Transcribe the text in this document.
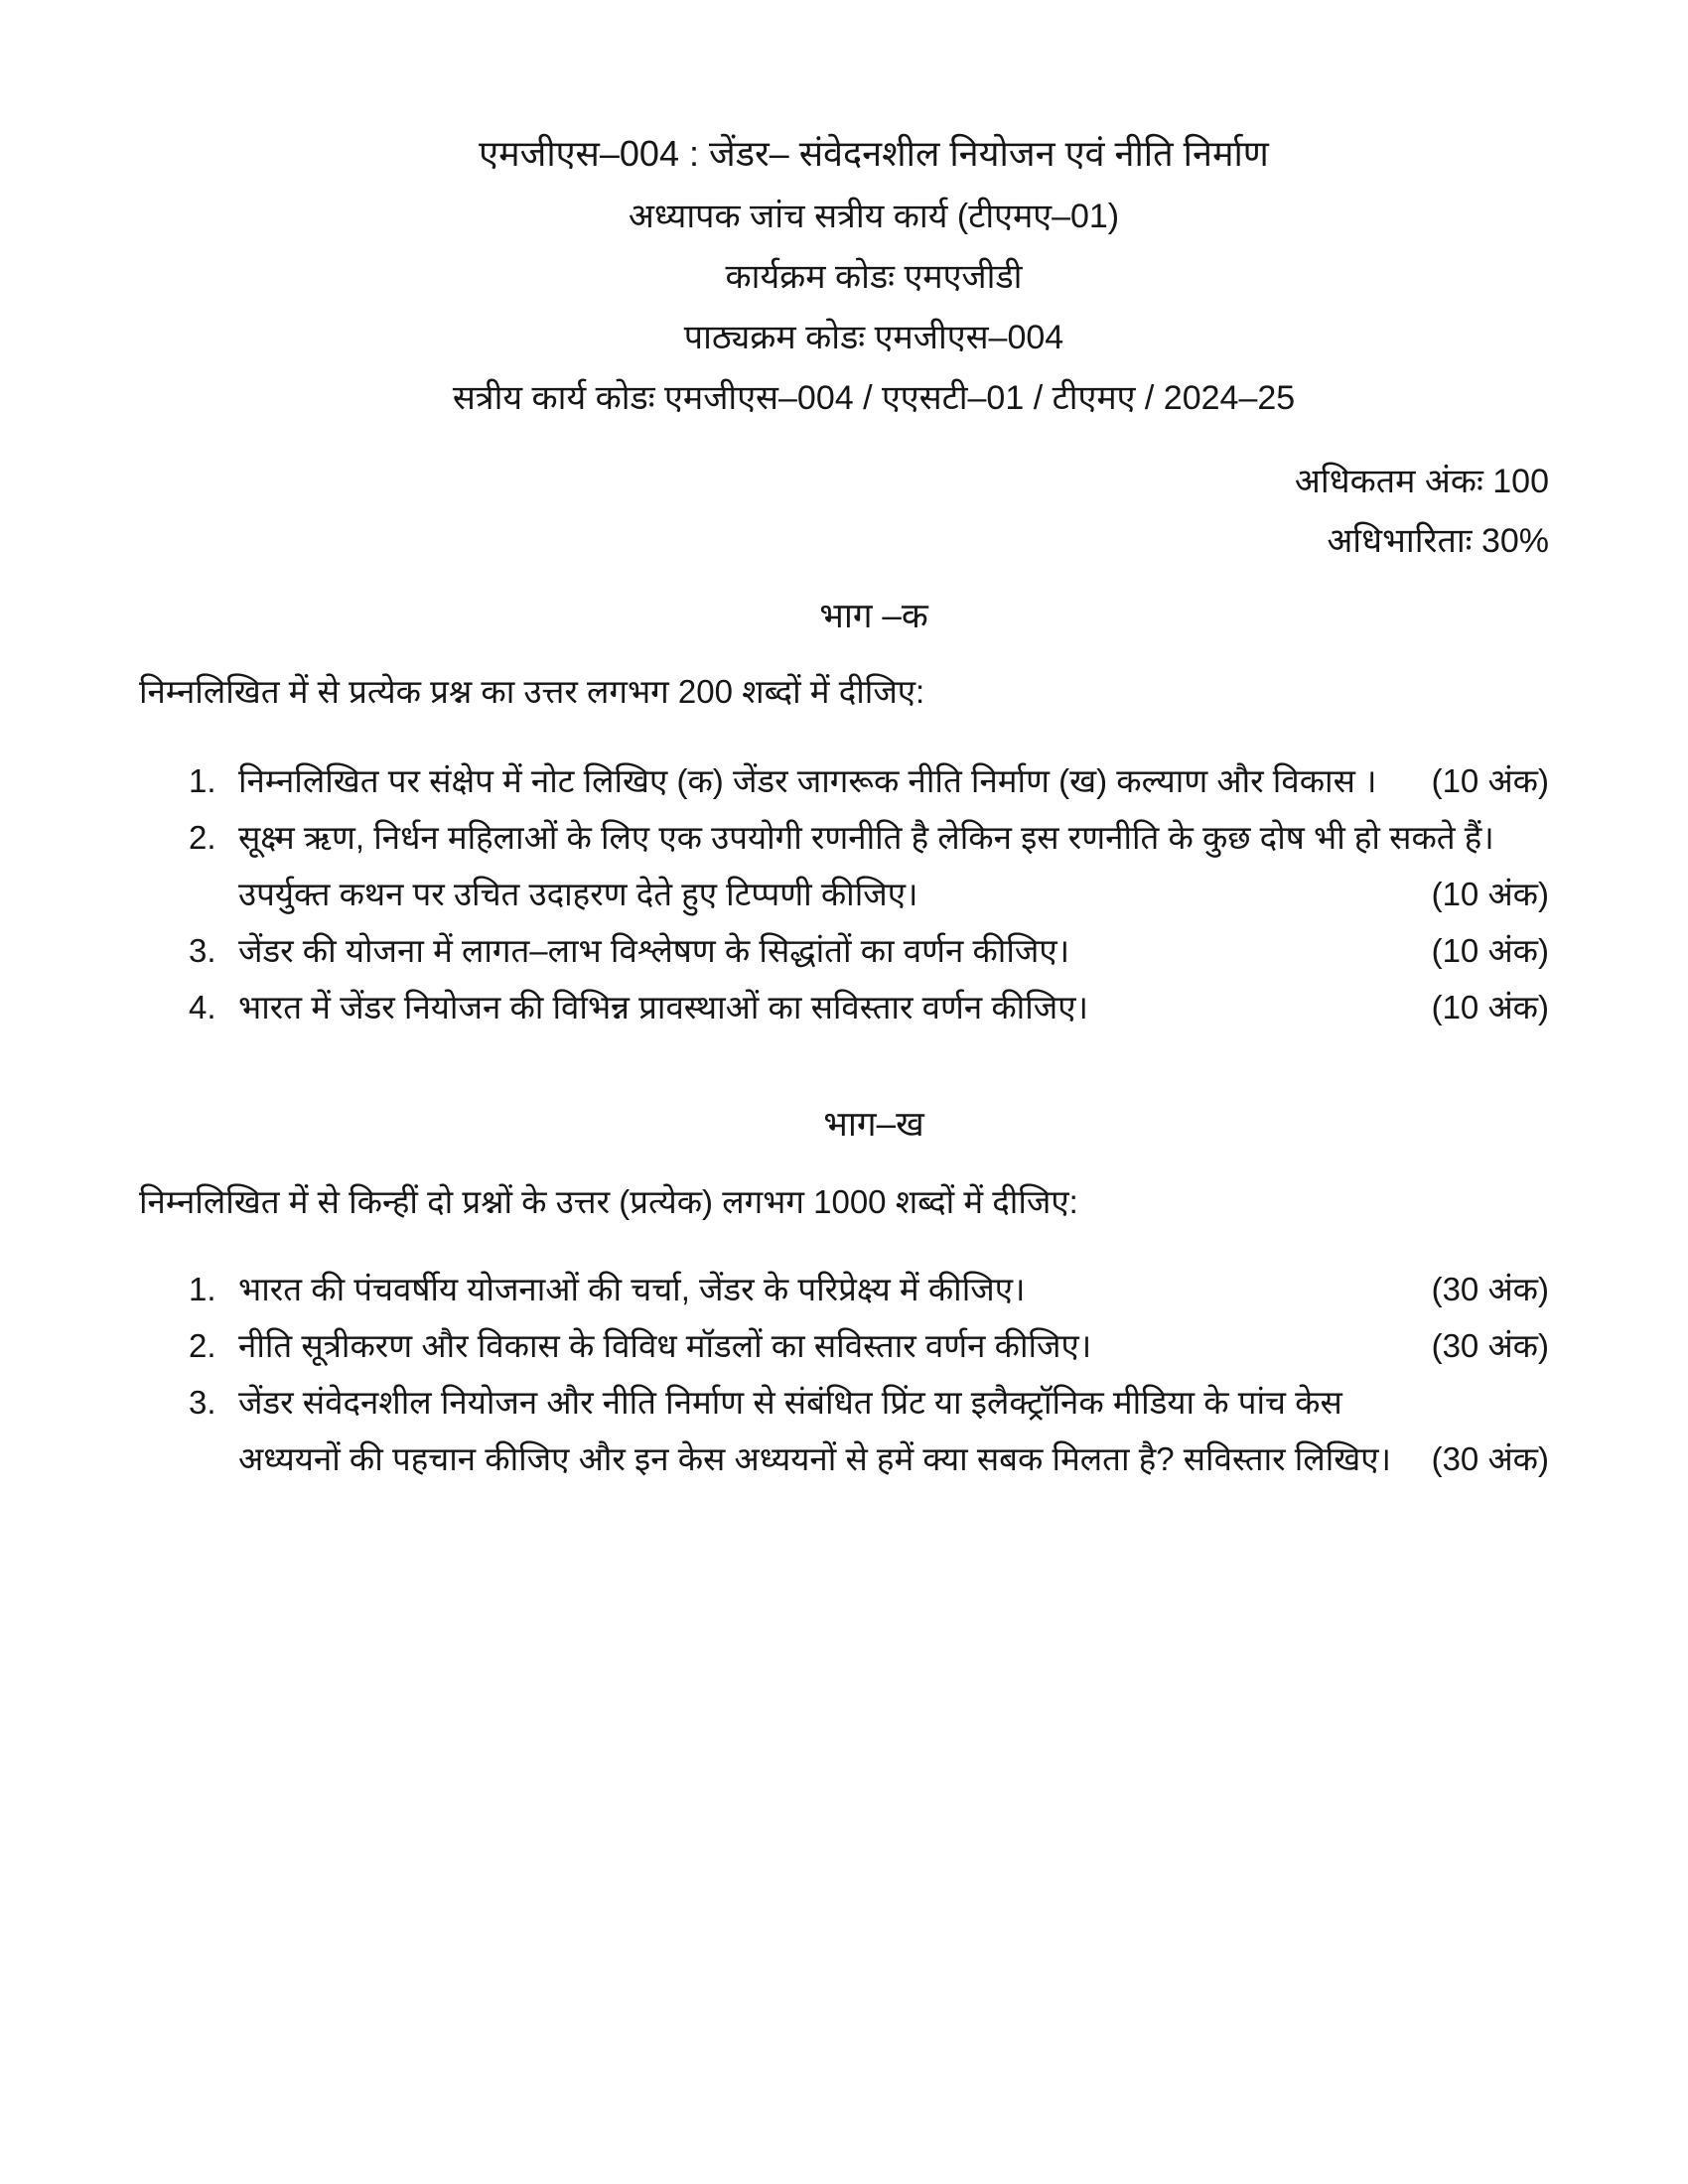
एमजीएस–004 : जेंडर– संवेदनशील नियोजन एवं नीति निर्माण
अध्यापक जांच सत्रीय कार्य (टीएमए–01)
कार्यक्रम कोडः एमएजीडी
पाठ्यक्रम कोडः एमजीएस–004
सत्रीय कार्य कोडः एमजीएस–004 / एएसटी–01 / टीएमए / 2024–25
अधिकतम अंकः 100
अधिभारिताः 30%
भाग –क
निम्नलिखित में से प्रत्येक प्रश्न का उत्तर लगभग 200 शब्दों में दीजिए:
1. निम्नलिखित पर संक्षेप में नोट लिखिए (क) जेंडर जागरूक नीति निर्माण (ख) कल्याण और विकास । (10 अंक)
2. सूक्ष्म ऋण, निर्धन महिलाओं के लिए एक उपयोगी रणनीति है लेकिन इस रणनीति के कुछ दोष भी हो सकते हैं।
उपर्युक्त कथन पर उचित उदाहरण देते हुए टिप्पणी कीजिए।	(10 अंक)
3. जेंडर की योजना में लागत–लाभ विश्लेषण के सिद्धांतों का वर्णन कीजिए।	(10 अंक)
4. भारत में जेंडर नियोजन की विभिन्न प्रावस्थाओं का सविस्तार वर्णन कीजिए।	(10 अंक)
भाग–ख
निम्नलिखित में से किन्हीं दो प्रश्नों के उत्तर (प्रत्येक) लगभग 1000 शब्दों में दीजिए:
1. भारत की पंचवर्षीय योजनाओं की चर्चा, जेंडर के परिप्रेक्ष्य में कीजिए।	(30 अंक)
2. नीति सूत्रीकरण और विकास के विविध मॉडलों का सविस्तार वर्णन कीजिए।	(30 अंक)
3. जेंडर संवेदनशील नियोजन और नीति निर्माण से संबंधित प्रिंट या इलैक्ट्रॉनिक मीडिया के पांच केस
अध्ययनों की पहचान कीजिए और इन केस अध्ययनों से हमें क्या सबक मिलता है? सविस्तार लिखिए। (30 अंक)
